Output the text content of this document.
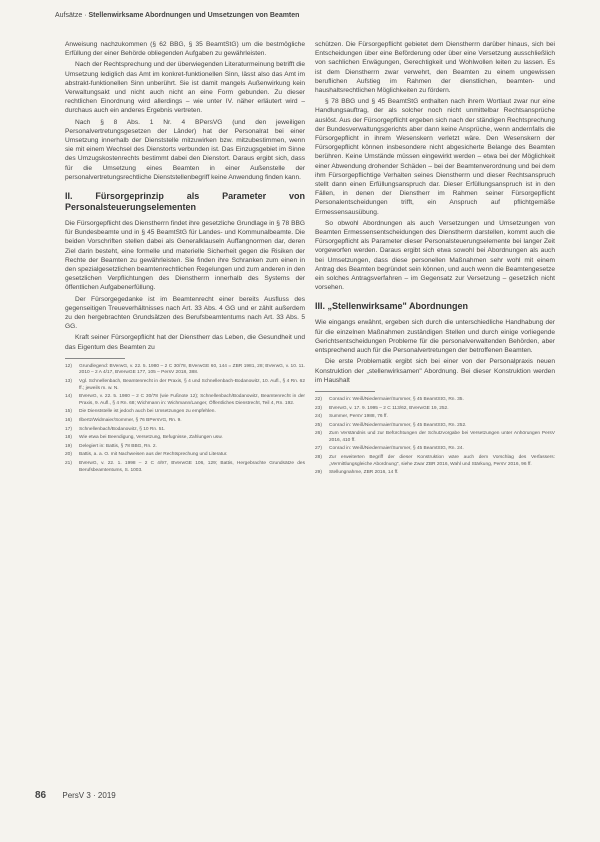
Aufsätze · Stellenwirksame Abordnungen und Umsetzungen von Beamten

Anweisung nachzukommen (§ 62 BBG, § 35 BeamtStG) um die bestmögliche Erfüllung der einer Behörde obliegenden Aufgaben zu gewährleisten.

Nach der Rechtsprechung und der überwiegenden Literaturmeinung betrifft die Umsetzung lediglich das Amt im konkret-funktionellen Sinn, lässt also das Amt im abstrakt-funktionellen Sinn unberührt. Sie ist damit mangels Außenwirkung kein Verwaltungsakt und nicht auch nicht an eine Form gebunden. Zu dieser rechtlichen Einordnung wird allerdings – wie unter IV. näher erläutert wird – durchaus auch ein anderes Ergebnis vertreten.

Nach § 8 Abs. 1 Nr. 4 BPersVG (und den jeweiligen Personalvertretungsgesetzen der Länder) hat der Personalrat bei einer Umsetzung innerhalb der Dienststelle mitzuwirken bzw. mitzubestimmen, wenn sie mit einem Wechsel des Dienstorts verbunden ist. Das Einzugsgebiet im Sinne des Umzugskostenrechts bestimmt dabei den Dienstort. Daraus ergibt sich, dass für die Umsetzung eines Beamten in einer Außenstelle der personalvertretungsrechtliche Dienststellenbegriff keine Anwendung finden kann.

II. Fürsorgeprinzip als Parameter von Personalsteuerungselementen

Die Fürsorgepflicht des Dienstherrn findet ihre gesetzliche Grundlage in § 78 BBG für Bundesbeamte und in § 45 BeamtStG für Landes- und Kommunalbeamte. Die beiden Vorschriften stellen dabei als Generalklauseln Auffangnormen dar, deren Ziel darin besteht, eine formelle und materielle Sicherheit gegen die Risiken der Rechte der Beamten zu gewährleisten. Sie finden ihre Schranken zum einen in den spezialgesetzlichen beamtenrechtlichen Regelungen und zum anderen in den gesetzlichen Verpflichtungen des Dienstherrn innerhalb des Systems der öffentlichen Aufgabenerfüllung.

Der Fürsorgegedanke ist im Beamtenrecht einer bereits Ausfluss des gegenseitigen Treueverhältnisses nach Art. 33 Abs. 4 GG und er zählt außerdem zu den hergebrachten Grundsätzen des Berufsbeamtentums nach Art. 33 Abs. 5 GG.

Kraft seiner Fürsorgepflicht hat der Dienstherr das Leben, die Gesundheit und das Eigentum des Beamten zu

12)	Grundlegend: BVerwG, v. 22. 5. 1980 – 2 C 30/78, BVerwGE 60, 144 = ZBR 1981, 28; BVerwG, v. 10. 11. 2010 – 2 A 4/17, BVerwGE 177, 105 – PersV 2018, 388.
13)	Vgl. Schnellenbach, Beamtenrecht in der Praxis, § 4 und Schnellenbach-Bodanowitz, 10. Aufl., § 4 Rn. 62 ff.; jeweils m. w. N.
14)	BVerwG, v. 22. 5. 1980 – 2 C 30/78 (wie Fußnote 12); Schnellenbach/Bodanowitz, Beamtenrecht in der Praxis, 9. Aufl., § 4 Rn. 68; Wichmann in: Wichmann/Langer, Öffentliches Dienstrecht, Teil 4, Rn. 192.
15)	Die Dienststelle ist jedoch auch bei Umsetzungen zu empfehlen.
16)	Ilbertz/Widmaier/Sommer, § 76 BPersVG, Rn. 9.
17)	Schnellenbach/Bodanowitz, § 10 Rn. 51.
18)	Wie etwa bei Beendigung, Versetzung, Befugnisse, Zahlungen usw.
19)	Delegiert in: Battis, § 78 BBG, Rn. 2.
20)	Battis, a. a. O. mit Nachweisen aus der Rechtsprechung und Literatur.
21)	BVerwG, v. 22. 1. 1998 – 2 C 4/97, BVerwGE 106, 129; Battis, Hergebrachte Grundsätze des Berufsbeamtentums, S. 1003.

schützen. Die Fürsorgepflicht gebietet dem Dienstherrn darüber hinaus, sich bei Entscheidungen über eine Beförderung oder über eine Versetzung ausschließlich von sachlichen Erwägungen, Gerechtigkeit und Wohlwollen leiten zu lassen. Es ist dem Dienstherrn zwar verwehrt, den Beamten zu einem ungewissen beruflichen Aufstieg im Rahmen der dienstlichen, beamten- und haushaltsrechtlichen Möglichkeiten zu fördern.

§ 78 BBG und § 45 BeamtStG enthalten nach ihrem Wortlaut zwar nur eine Handlungsauftrag, der als solcher noch nicht unmittelbar Rechtsansprüche auslöst. Aus der Fürsorgepflicht ergeben sich nach der ständigen Rechtsprechung der Bundesverwaltungsgerichts aber dann keine Ansprüche, wenn andernfalls die Fürsorgepflicht in ihrem Wesenskern verletzt wäre. Den Wesenskern der Fürsorgepflicht können insbesondere nicht abgesicherte Belange des Beamten berühren. Keine Umstände müssen eingewirkt werden – etwa bei der Möglichkeit einer Abwendung drohender Schäden – bei der Beamtenverordnung und bei dem ihm Fürsorgepflichtige Verhalten seines Dienstherrn und dieser Rechtsanspruch stellt dann einen Erfüllungsanspruch dar. Dieser Erfüllungsanspruch ist in den Fällen, in denen der Dienstherr im Rahmen seiner Fürsorgepflicht Personalentscheidungen trifft, ein Anspruch auf pflichtgemäße Ermessensausübung.

So obwohl Abordnungen als auch Versetzungen und Umsetzungen von Beamten Ermessensentscheidungen des Dienstherrn darstellen, kommt auch die Fürsorgepflicht als Parameter dieser Personalsteuerungselemente bei langer Zeit vorgeworfen werden. Daraus ergibt sich etwa sowohl bei Abordnungen als auch bei Umsetzungen, dass diese personellen Maßnahmen sehr wohl mit einem Antrag des Beamten begründet sein können, und auch wenn die Beamtengesetze ein solches Antragsverfahren – im Gegensatz zur Versetzung – gesetzlich nicht vorsehen.

III. „Stellenwirksame" Abordnungen

Wie eingangs erwähnt, ergeben sich durch die unterschiedliche Handhabung der für die einzelnen Maßnahmen zuständigen Stellen und durch einige vorliegende Gerichtsentscheidungen Probleme für die personalverwaltenden Behörden, aber entsprechend auch für die Personalvertretungen der betroffenen Beamten.

Die erste Problematik ergibt sich bei einer von der Personalpraxis neuen Konstruktion der „stellenwirksamen" Abordnung. Bei dieser Konstruktion werden im Haushalt

22)	Conrad in: Weiß/Niedermaier/Summer, § 45 BeamtStG, Rn. 35.
23)	BVerwG, v. 17. 9. 1995 – 2 C 113/62, BVerwGE 19, 252.
24)	Summer, PersV 1988, 76 ff.
25)	Conrad in: Weiß/Niedermaier/Summer, § 45 BeamtStG, Rn. 252.
26)	Zum Verständnis und zur Befürchtungen der Schutzvorgabe bei Versetzungen unter Anhörungen PersV 2016, 410 ff.
27)	Conrad in: Weiß/Niedermaier/Summer, § 45 BeamtStG, Rn. 24.
28)	Zur erweiterten Begriff der dieser Konstruktion wäre auch dem Vorschlag des Verfassers: „Vermittlungsgleiche Abordnung", siehe Zwar ZBR 2016, Wahl und Stärkung, PersV 2016, 96 ff.
29)	Stellungnahme, ZBR 2016, 14 ff.
86 PersV 3 · 2019
